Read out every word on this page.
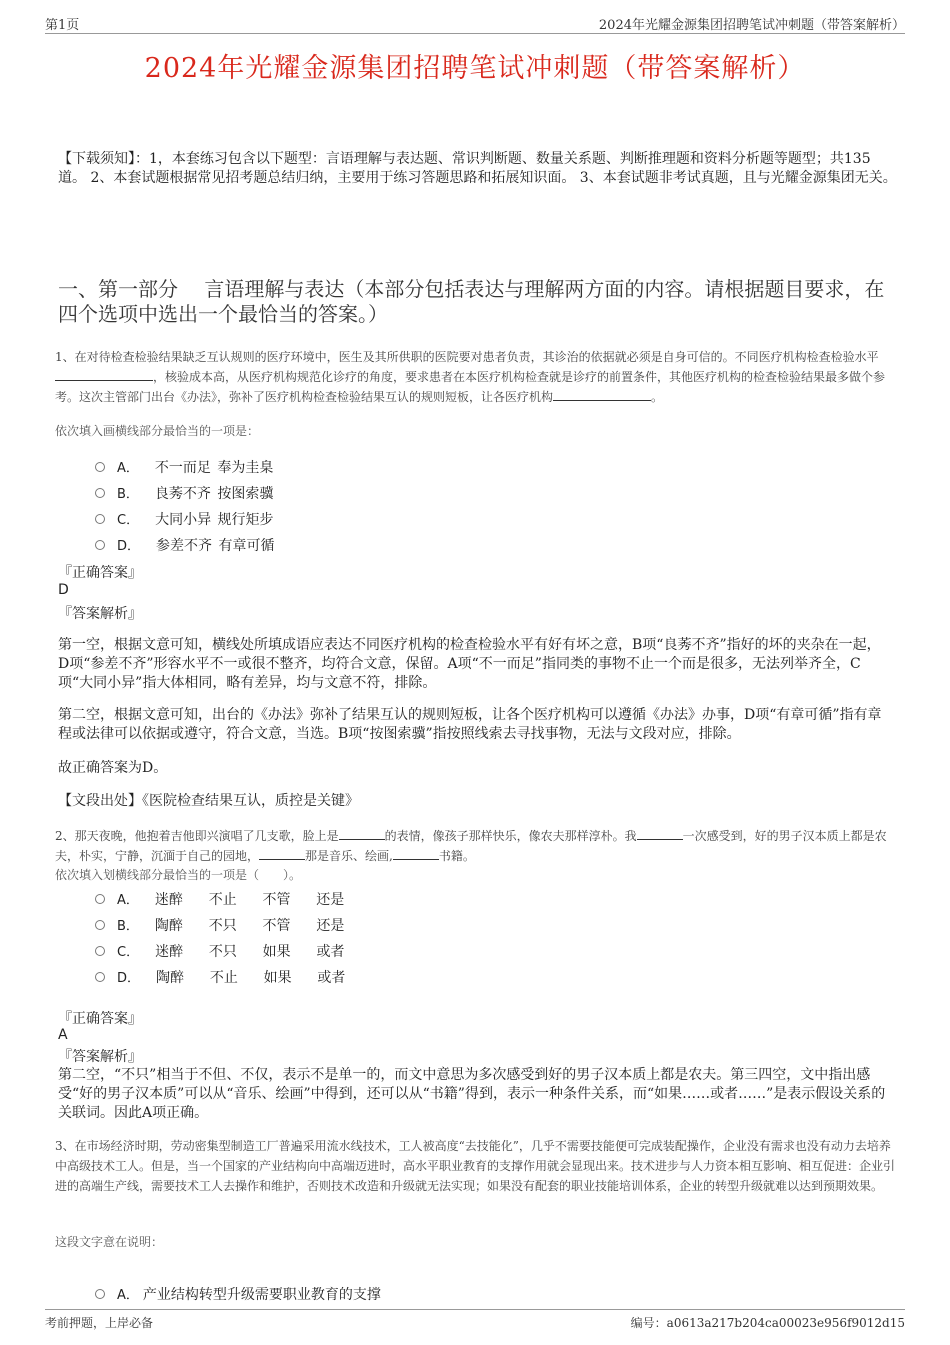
第1页	2024年光耀金源集团招聘笔试冲刺题（带答案解析）
2024年光耀金源集团招聘笔试冲刺题（带答案解析）
【下载须知】：1，本套练习包含以下题型：言语理解与表达题、常识判断题、数量关系题、判断推理题和资料分析题等题型；共135道。 2、本套试题根据常见招考题总结归纳，主要用于练习答题思路和拓展知识面。 3、本套试题非考试真题，且与光耀金源集团无关。
一、第一部分　 言语理解与表达（本部分包括表达与理解两方面的内容。请根据题目要求，在四个选项中选出一个最恰当的答案。）
1、在对待检查检验结果缺乏互认规则的医疗环境中，医生及其所供职的医院要对患者负责，其诊治的依据就必须是自身可信的。不同医疗机构检查检验水平，核验成本高，从医疗机构规范化诊疗的角度，要求患者在本医疗机构检查就是诊疗的前置条件，其他医疗机构的检查检验结果最多做个参考。这次主管部门出台《办法》，弥补了医疗机构检查检验结果互认的规则短板，让各医疗机构	。
依次填入画横线部分最恰当的一项是：
A． 不一而足 奉为圭臬
B． 良莠不齐 按图索骥
C． 大同小异 规行矩步
D． 参差不齐 有章可循
『正确答案』
D
『答案解析』
第一空，根据文意可知，横线处所填成语应表达不同医疗机构的检查检验水平有好有坏之意，B项“良莠不齐”指好的坏的夹杂在一起，D项“参差不齐”形容水平不一或很不整齐，均符合文意，保留。A项“不一而足”指同类的事物不止一个而是很多，无法列举齐全，C项“大同小异”指大体相同，略有差异，均与文意不符，排除。
第二空，根据文意可知，出台的《办法》弥补了结果互认的规则短板，让各个医疗机构可以遵循《办法》办事，D项“有章可循”指有章程或法律可以依据或遵守，符合文意，当选。B项“按图索骥”指按照线索去寻找事物，无法与文段对应，排除。
故正确答案为D。
【文段出处】《医院检查结果互认，质控是关键》
2、那天夜晚，他抱着吉他即兴演唱了几支歌，脸上是	的表情，像孩子那样快乐，像农夫那样淳朴。我	一次感受到，好的男子汉本质上都是农夫，朴实，宁静，沉湎于自己的园地，	那是音乐、绘画,	书籍。
依次填入划横线部分最恰当的一项是（　　）。
A． 迷醉    不止    不管    还是
B． 陶醉    不只    不管    还是
C． 迷醉    不只    如果    或者
D． 陶醉    不止    如果    或者
『正确答案』
A
『答案解析』
第二空，“不只”相当于不但、不仅，表示不是单一的，而文中意思为多次感受到好的男子汉本质上都是农夫。第三四空，文中指出感受“好的男子汉本质”可以从“音乐、绘画”中得到，还可以从“书籍”得到，表示一种条件关系，而“如果……或者……”是表示假设关系的关联词。因此A项正确。
3、在市场经济时期，劳动密集型制造工厂普遍采用流水线技术，工人被高度“去技能化”，几乎不需要技能便可完成装配操作，企业没有需求也没有动力去培养中高级技术工人。但是，当一个国家的产业结构向中高端迈进时，高水平职业教育的支撑作用就会显现出来。技术进步与人力资本相互影响、相互促进：企业引进的高端生产线，需要技术工人去操作和维护，否则技术改造和升级就无法实现；如果没有配套的职业技能培训体系，企业的转型升级就难以达到预期效果。
这段文字意在说明：
A． 产业结构转型升级需要职业教育的支撑
考前押题，上岸必备	编号：a0613a217b204ca00023e956f9012d15
